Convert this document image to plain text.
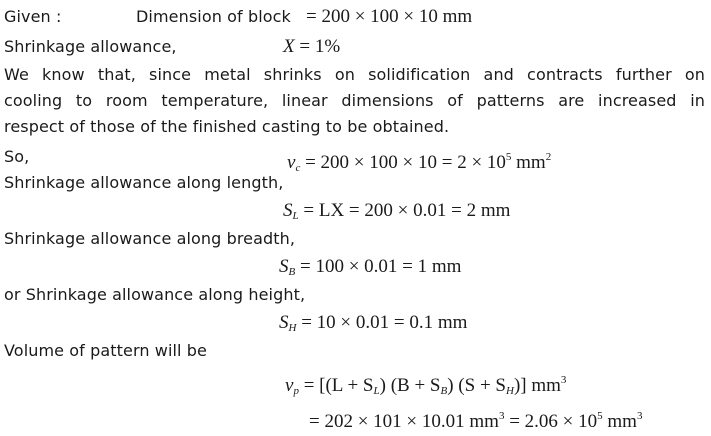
Given :	Dimension of block = 200 × 100 × 10 mm
Shrinkage allowance,	X = 1%
We know that, since metal shrinks on solidification and contracts further on
cooling to room temperature, linear dimensions of patterns are increased in
respect of those of the finished casting to be obtained.
So,	$v_c = 200 \times 100 \times 10 = 2 \times 10^5$ $mm^2$
Shrinkage allowance along length,
$S_L$ = LX = 200 × 0.01 = 2 mm
Shrinkage allowance along breadth,
$S_B = 100 \times 0.01 = 1$ mm
or Shrinkage allowance along height,
$S_H = 10 \times 0.01 = 0.1$ mm
Volume of pattern will be
$v_p = [(L + S_L) (B + S_B) (S + S_H)]$ $mm^3$
= 202 × 101 × 10.01 $mm^3 = 2.06 \times 10^5$ $mm^3$
